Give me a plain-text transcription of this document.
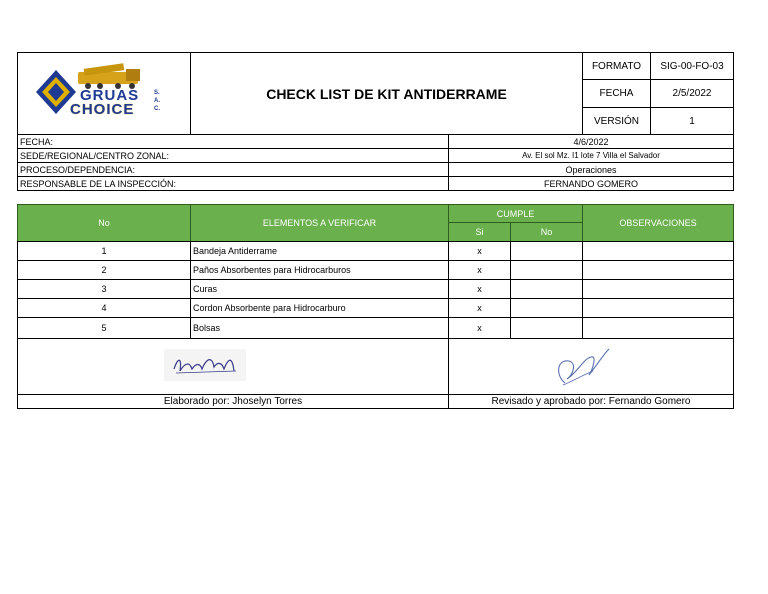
GRUAS
CHOICE
S. A. C.
CHECK LIST DE KIT ANTIDERRAME
FORMATO	SIG-00-FO-03
FECHA	2/5/2022
VERSIÓN	1
FECHA:	4/6/2022
SEDE/REGIONAL/CENTRO ZONAL:	Av. El sol Mz. I1 lote 7 Villa el Salvador
PROCESO/DEPENDENCIA:	Operaciones
RESPONSABLE DE LA INSPECCIÓN:	FERNANDO GOMERO
No	ELEMENTOS A VERIFICAR
CUMPLE
Si	No
OBSERVACIONES
1	Bandeja Antiderrame	x
2	Paños Absorbentes para Hidrocarburos	x
3	Curas	x
4	Cordon Absorbente para Hidrocarburo	x
5	Bolsas	x
Elaborado por: Jhoselyn Torres	Revisado y aprobado por: Fernando Gomero
